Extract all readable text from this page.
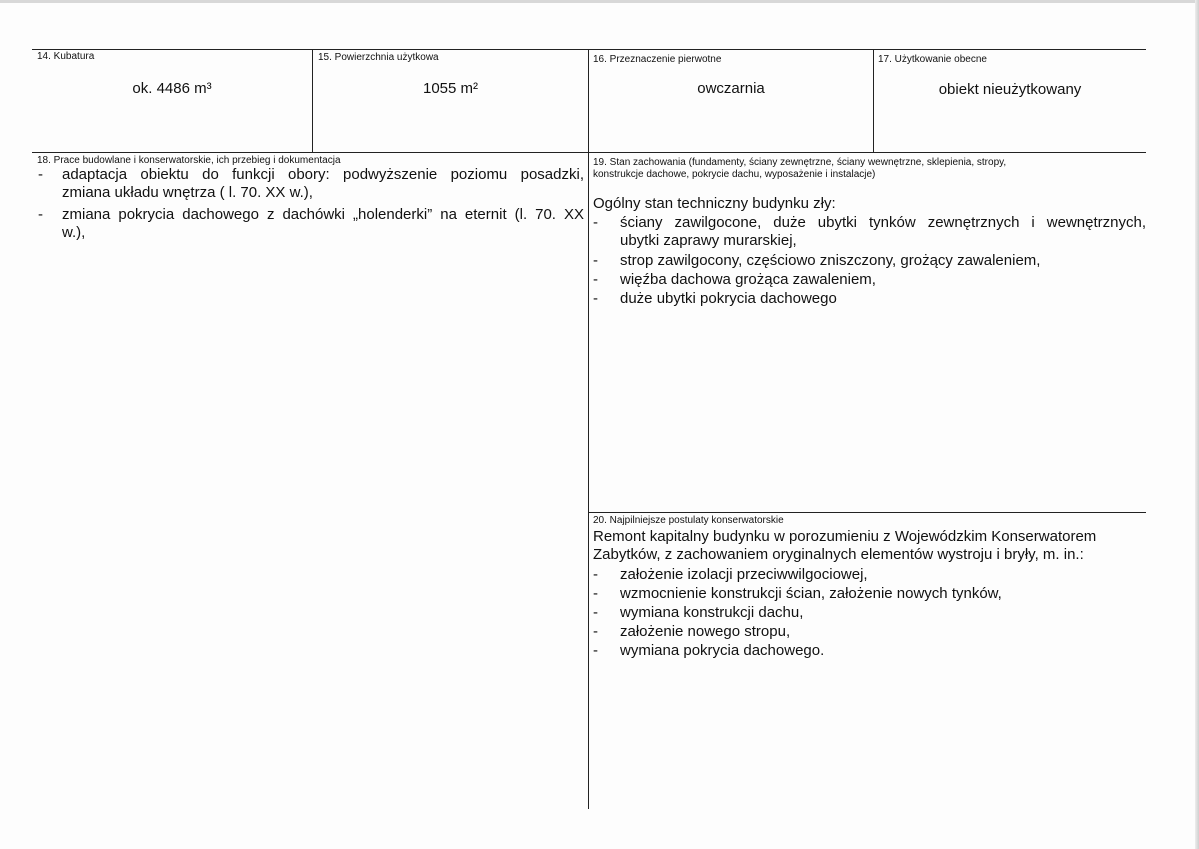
14. Kubatura
ok. 4486 m³
15. Powierzchnia użytkowa
1055 m²
16. Przeznaczenie pierwotne
owczarnia
17. Użytkowanie obecne
obiekt nieużytkowany
18. Prace budowlane i konserwatorskie, ich przebieg i dokumentacja
- adaptacja obiektu do funkcji obory: podwyższenie poziomu posadzki,
zmiana układu wnętrza ( l. 70. XX w.),
- zmiana pokrycia dachowego z dachówki „holenderki” na eternit (l. 70. XX
w.),
19. Stan zachowania (fundamenty, ściany zewnętrzne, ściany wewnętrzne, sklepienia, stropy,
konstrukcje dachowe, pokrycie dachu, wyposażenie i instalacje)
Ogólny stan techniczny budynku zły:
- ściany zawilgocone, duże ubytki tynków zewnętrznych i wewnętrznych,
ubytki zaprawy murarskiej,
- strop zawilgocony, częściowo zniszczony, grożący zawaleniem,
- więźba dachowa grożąca zawaleniem,
- duże ubytki pokrycia dachowego
20. Najpilniejsze postulaty konserwatorskie
Remont kapitalny budynku w porozumieniu z Wojewódzkim Konserwatorem
Zabytków, z zachowaniem oryginalnych elementów wystroju i bryły, m. in.:
- założenie izolacji przeciwwilgociowej,
- wzmocnienie konstrukcji ścian, założenie nowych tynków,
- wymiana konstrukcji dachu,
- założenie nowego stropu,
- wymiana pokrycia dachowego.
